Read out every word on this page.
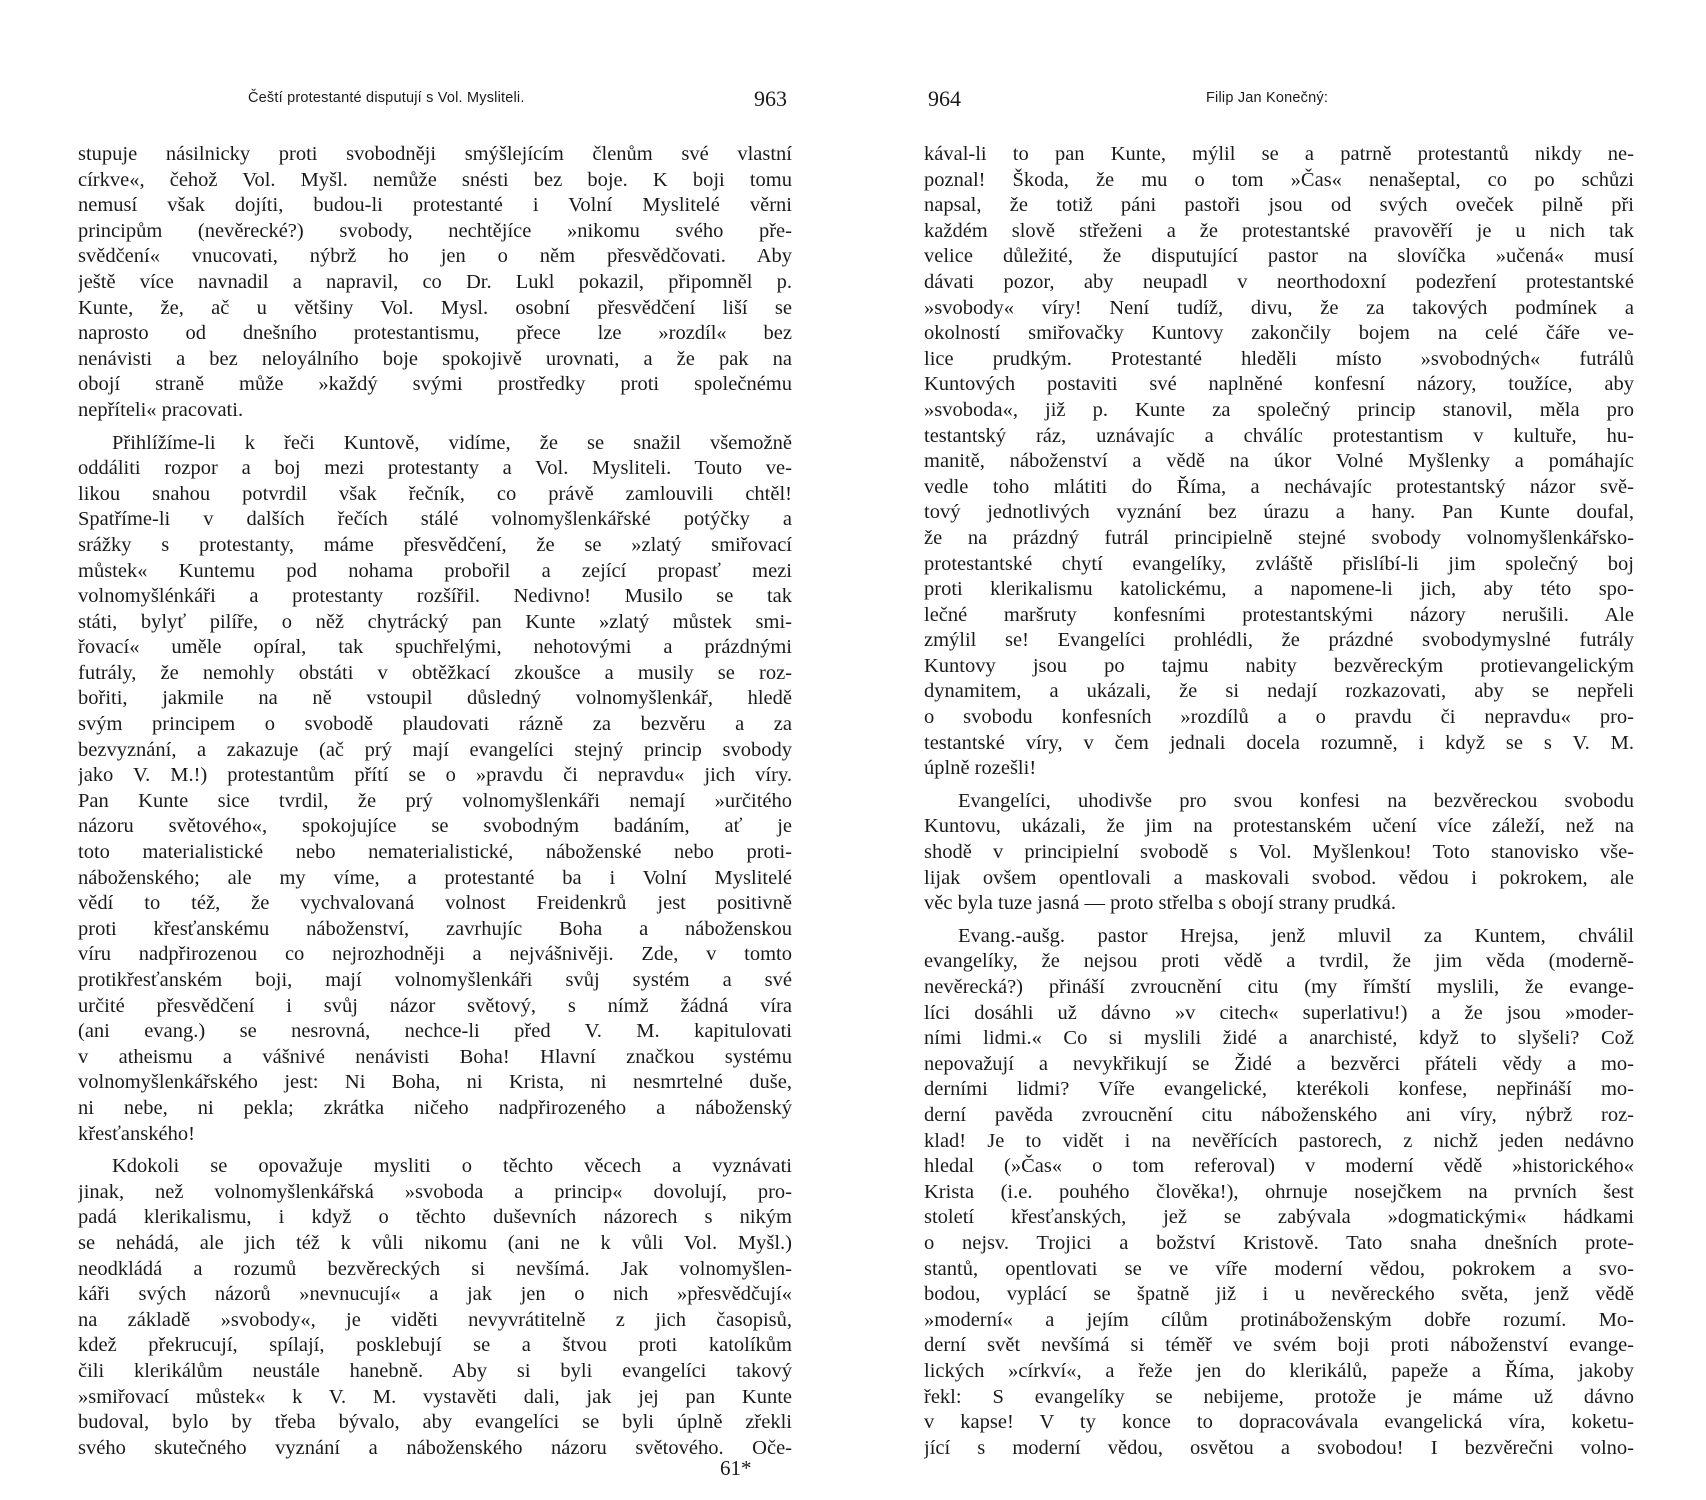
Čeští protestanté disputují s Vol. Mysliteli.	963
stupuje násilnicky proti svobodněji smýšlejícím členům své vlastní
církve«, čehož Vol. Myšl. nemůže snésti bez boje. K boji tomu
nemusí však dojíti, budou-li protestanté i Volní Myslitelé věrni
principům (nevěrecké?) svobody, nechtějíce »nikomu svého pře-
svědčení« vnucovati, nýbrž ho jen o něm přesvědčovati. Aby
ještě více navnadil a napravil, co Dr. Lukl pokazil, připomněl p.
Kunte, že, ač u většiny Vol. Mysl. osobní přesvědčení liší se
naprosto od dnešního protestantismu, přece lze »rozdíl« bez
nenávisti a bez neloyálního boje spokojivě urovnati, a že pak na
obojí straně může »každý svými prostředky proti společnému
nepříteli« pracovati.
Přihlížíme-li k řeči Kuntově, vidíme, že se snažil všemožně
oddáliti rozpor a boj mezi protestanty a Vol. Mysliteli. Touto ve-
likou snahou potvrdil však řečník, co právě zamlouvili chtěl!
Spatříme-li v dalších řečích stálé volnomyšlenkářské potýčky a
srážky s protestanty, máme přesvědčení, že se »zlatý smiřovací
můstek« Kuntemu pod nohama probořil a zející propasť mezi
volnomyšlénkáři a protestanty rozšířil. Nedivno! Musilo se tak
státi, bylyť pilíře, o něž chytrácký pan Kunte »zlatý můstek smi-
řovací« uměle opíral, tak spuchřelými, nehotovými a prázdnými
futrály, že nemohly obstáti v obtěžkací zkoušce a musily se roz-
bořiti, jakmile na ně vstoupil důsledný volnomyšlenkář, hledě
svým principem o svobodě plaudovati rázně za bezvěru a za
bezvyznání, a zakazuje (ač prý mají evangelíci stejný princip svobody
jako V. M.!) protestantům přítí se o »pravdu či nepravdu« jich víry.
Pan Kunte sice tvrdil, že prý volnomyšlenkáři nemají »určitého
názoru světového«, spokojujíce se svobodným badáním, ať je
toto materialistické nebo nematerialistické, náboženské nebo proti-
náboženského; ale my víme, a protestanté ba i Volní Myslitelé
vědí to též, že vychvalovaná volnost Freidenkrů jest positivně
proti křesťanskému náboženství, zavrhujíc Boha a náboženskou
víru nadpřirozenou co nejrozhodněji a nejvášnivěji. Zde, v tomto
protikřesťanském boji, mají volnomyšlenkáři svůj systém a své
určité přesvědčení i svůj názor světový, s nímž žádná víra
(ani evang.) se nesrovná, nechce-li před V. M. kapitulovati
v atheismu a vášnivé nenávisti Boha! Hlavní značkou systému
volnomyšlenkářského jest: Ni Boha, ni Krista, ni nesmrtelné duše,
ni nebe, ni pekla; zkrátka ničeho nadpřirozeného a náboženský
křesťanského!
Kdokoli se opovažuje mysliti o těchto věcech a vyznávati
jinak, než volnomyšlenkářská »svoboda a princip« dovolují, pro-
padá klerikalismu, i když o těchto duševních názorech s nikým
se nehádá, ale jich též k vůli nikomu (ani ne k vůli Vol. Myšl.)
neodkládá a rozumů bezvěreckých si nevšímá. Jak volnomyšlen-
káři svých názorů »nevnucují« a jak jen o nich »přesvědčují«
na základě »svobody«, je viděti nevyvrátitelně z jich časopisů,
kdež překrucují, spílají, posklebují se a štvou proti katolíkům
čili klerikálům neustále hanebně. Aby si byli evangelíci takový
»smiřovací můstek« k V. M. vystavěti dali, jak jej pan Kunte
budoval, bylo by třeba bývalo, aby evangelíci se byli úplně zřekli
svého skutečného vyznání a náboženského názoru světového. Oče-
61*
964	Filip Jan Konečný:
kával-li to pan Kunte, mýlil se a patrně protestantů nikdy ne-
poznal! Škoda, že mu o tom »Čas« nenašeptal, co po schůzi
napsal, že totiž páni pastoři jsou od svých oveček pilně při
každém slově střeženi a že protestantské pravověří je u nich tak
velice důležité, že disputující pastor na slovíčka »učená« musí
dávati pozor, aby neupadl v neorthodoxní podezření protestantské
»svobody« víry! Není tudíž, divu, že za takových podmínek a
okolností smiřovačky Kuntovy zakončily bojem na celé čáře ve-
lice prudkým. Protestanté hleděli místo »svobodných« futrálů
Kuntových postaviti své naplněné konfesní názory, toužíce, aby
»svoboda«, již p. Kunte za společný princip stanovil, měla pro
testantský ráz, uznávajíc a chválíc protestantism v kultuře, hu-
manitě, náboženství a vědě na úkor Volné Myšlenky a pomáhajíc
vedle toho mlátiti do Říma, a nechávajíc protestantský názor svě-
tový jednotlivých vyznání bez úrazu a hany. Pan Kunte doufal,
že na prázdný futrál principielně stejné svobody volnomyšlenkářsko-
protestantské chytí evangelíky, zvláště přislíbí-li jim společný boj
proti klerikalismu katolickému, a napomene-li jich, aby této spo-
lečné maršruty konfesními protestantskými názory nerušili. Ale
zmýlil se! Evangelíci prohlédli, že prázdné svobodymyslné futrály
Kuntovy jsou po tajmu nabity bezvěreckým protievangelickým
dynamitem, a ukázali, že si nedají rozkazovati, aby se nepřeli
o svobodu konfesních »rozdílů a o pravdu či nepravdu« pro-
testantské víry, v čem jednali docela rozumně, i když se s V. M.
úplně rozešli!
Evangelíci, uhodivše pro svou konfesi na bezvěreckou svobodu
Kuntovu, ukázali, že jim na protestanském učení více záleží, než na
shodě v principielní svobodě s Vol. Myšlenkou! Toto stanovisko vše-
lijak ovšem opentlovali a maskovali svobod. vědou i pokrokem, ale
věc byla tuze jasná — proto střelba s obojí strany prudká.
Evang.-aušg. pastor Hrejsa, jenž mluvil za Kuntem, chválil
evangelíky, že nejsou proti vědě a tvrdil, že jim věda (moderně-
nevěrecká?) přináší zvroucnění citu (my římští myslili, že evange-
líci dosáhli už dávno »v citech« superlativu!) a že jsou »moder-
ními lidmi.« Co si myslili židé a anarchisté, když to slyšeli? Což
nepovažují a nevykřikují se Židé a bezvěrci přáteli vědy a mo-
derními lidmi? Víře evangelické, kterékoli konfese, nepřináší mo-
derní pavěda zvroucnění citu náboženského ani víry, nýbrž roz-
klad! Je to vidět i na nevěřících pastorech, z nichž jeden nedávno
hledal (»Čas« o tom referoval) v moderní vědě »historického«
Krista (i.e. pouhého člověka!), ohrnuje nosejčkem na prvních šest
století křesťanských, jež se zabývala »dogmatickými« hádkami
o nejsv. Trojici a božství Kristově. Tato snaha dnešních prote-
stantů, opentlovati se ve víře moderní vědou, pokrokem a svo-
bodou, vyplácí se špatně již i u nevěreckého světa, jenž vědě
»moderní« a jejím cílům protináboženským dobře rozumí. Mo-
derní svět nevšímá si téměř ve svém boji proti náboženství evange-
lických »církví«, a řeže jen do klerikálů, papeže a Říma, jakoby
řekl: S evangelíky se nebijeme, protože je máme už dávno
v kapse! V ty konce to dopracovávala evangelická víra, koketu-
jící s moderní vědou, osvětou a svobodou! I bezvěrečni volno-
